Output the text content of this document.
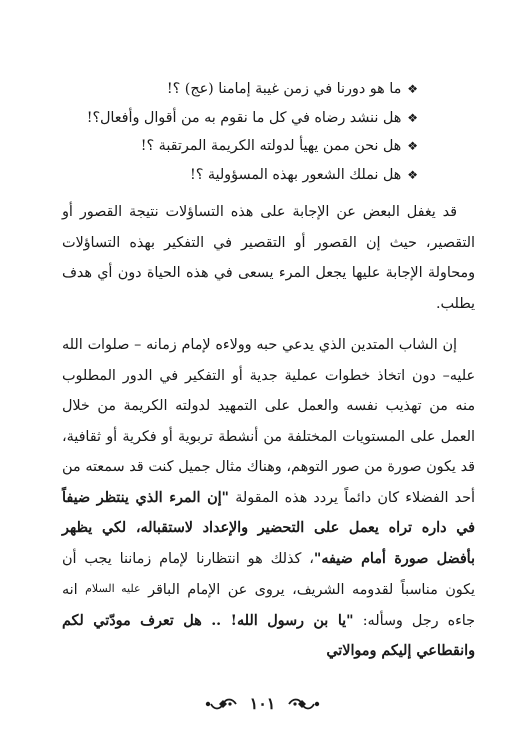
❖ما هو دورنا في زمن غيبة إمامنا (عج) ؟!
❖هل ننشد رضاه في كل ما نقوم به من أقوال وأفعال؟!
❖هل نحن ممن يهيأ لدولته الكريمة المرتقبة ؟!
❖هل نملك الشعور بهذه المسؤولية ؟!

قد يغفل البعض عن الإجابة على هذه التساؤلات نتيجة القصور أو التقصير، حيث إن القصور أو التقصير في التفكير بهذه التساؤلات ومحاولة الإجابة عليها يجعل المرء يسعى في هذه الحياة دون أي هدف يطلب.

إن الشاب المتدين الذي يدعي حبه وولاءه لإمام زمانه – صلوات الله عليه– دون اتخاذ خطوات عملية جدية أو التفكير في الدور المطلوب منه من تهذيب نفسه والعمل على التمهيد لدولته الكريمة من خلال العمل على المستويات المختلفة من أنشطة تربوية أو فكرية أو ثقافية، قد يكون صورة من صور التوهم، وهناك مثال جميل كنت قد سمعته من أحد الفضلاء كان دائماً يردد هذه المقولة "إن المرء الذي ينتظر ضيفاً في داره تراه يعمل على التحضير والإعداد لاستقباله، لكي يظهر بأفضل صورة أمام ضيفه"، كذلك هو انتظارنا لإمام زماننا يجب أن يكون مناسباً لقدومه الشريف، يروى عن الإمام الباقر عليه السلام انه جاءه رجل وسأله: "يا بن رسول الله! .. هل تعرف مودّتي لكم وانقطاعي إليكم وموالاتي

١٠١
